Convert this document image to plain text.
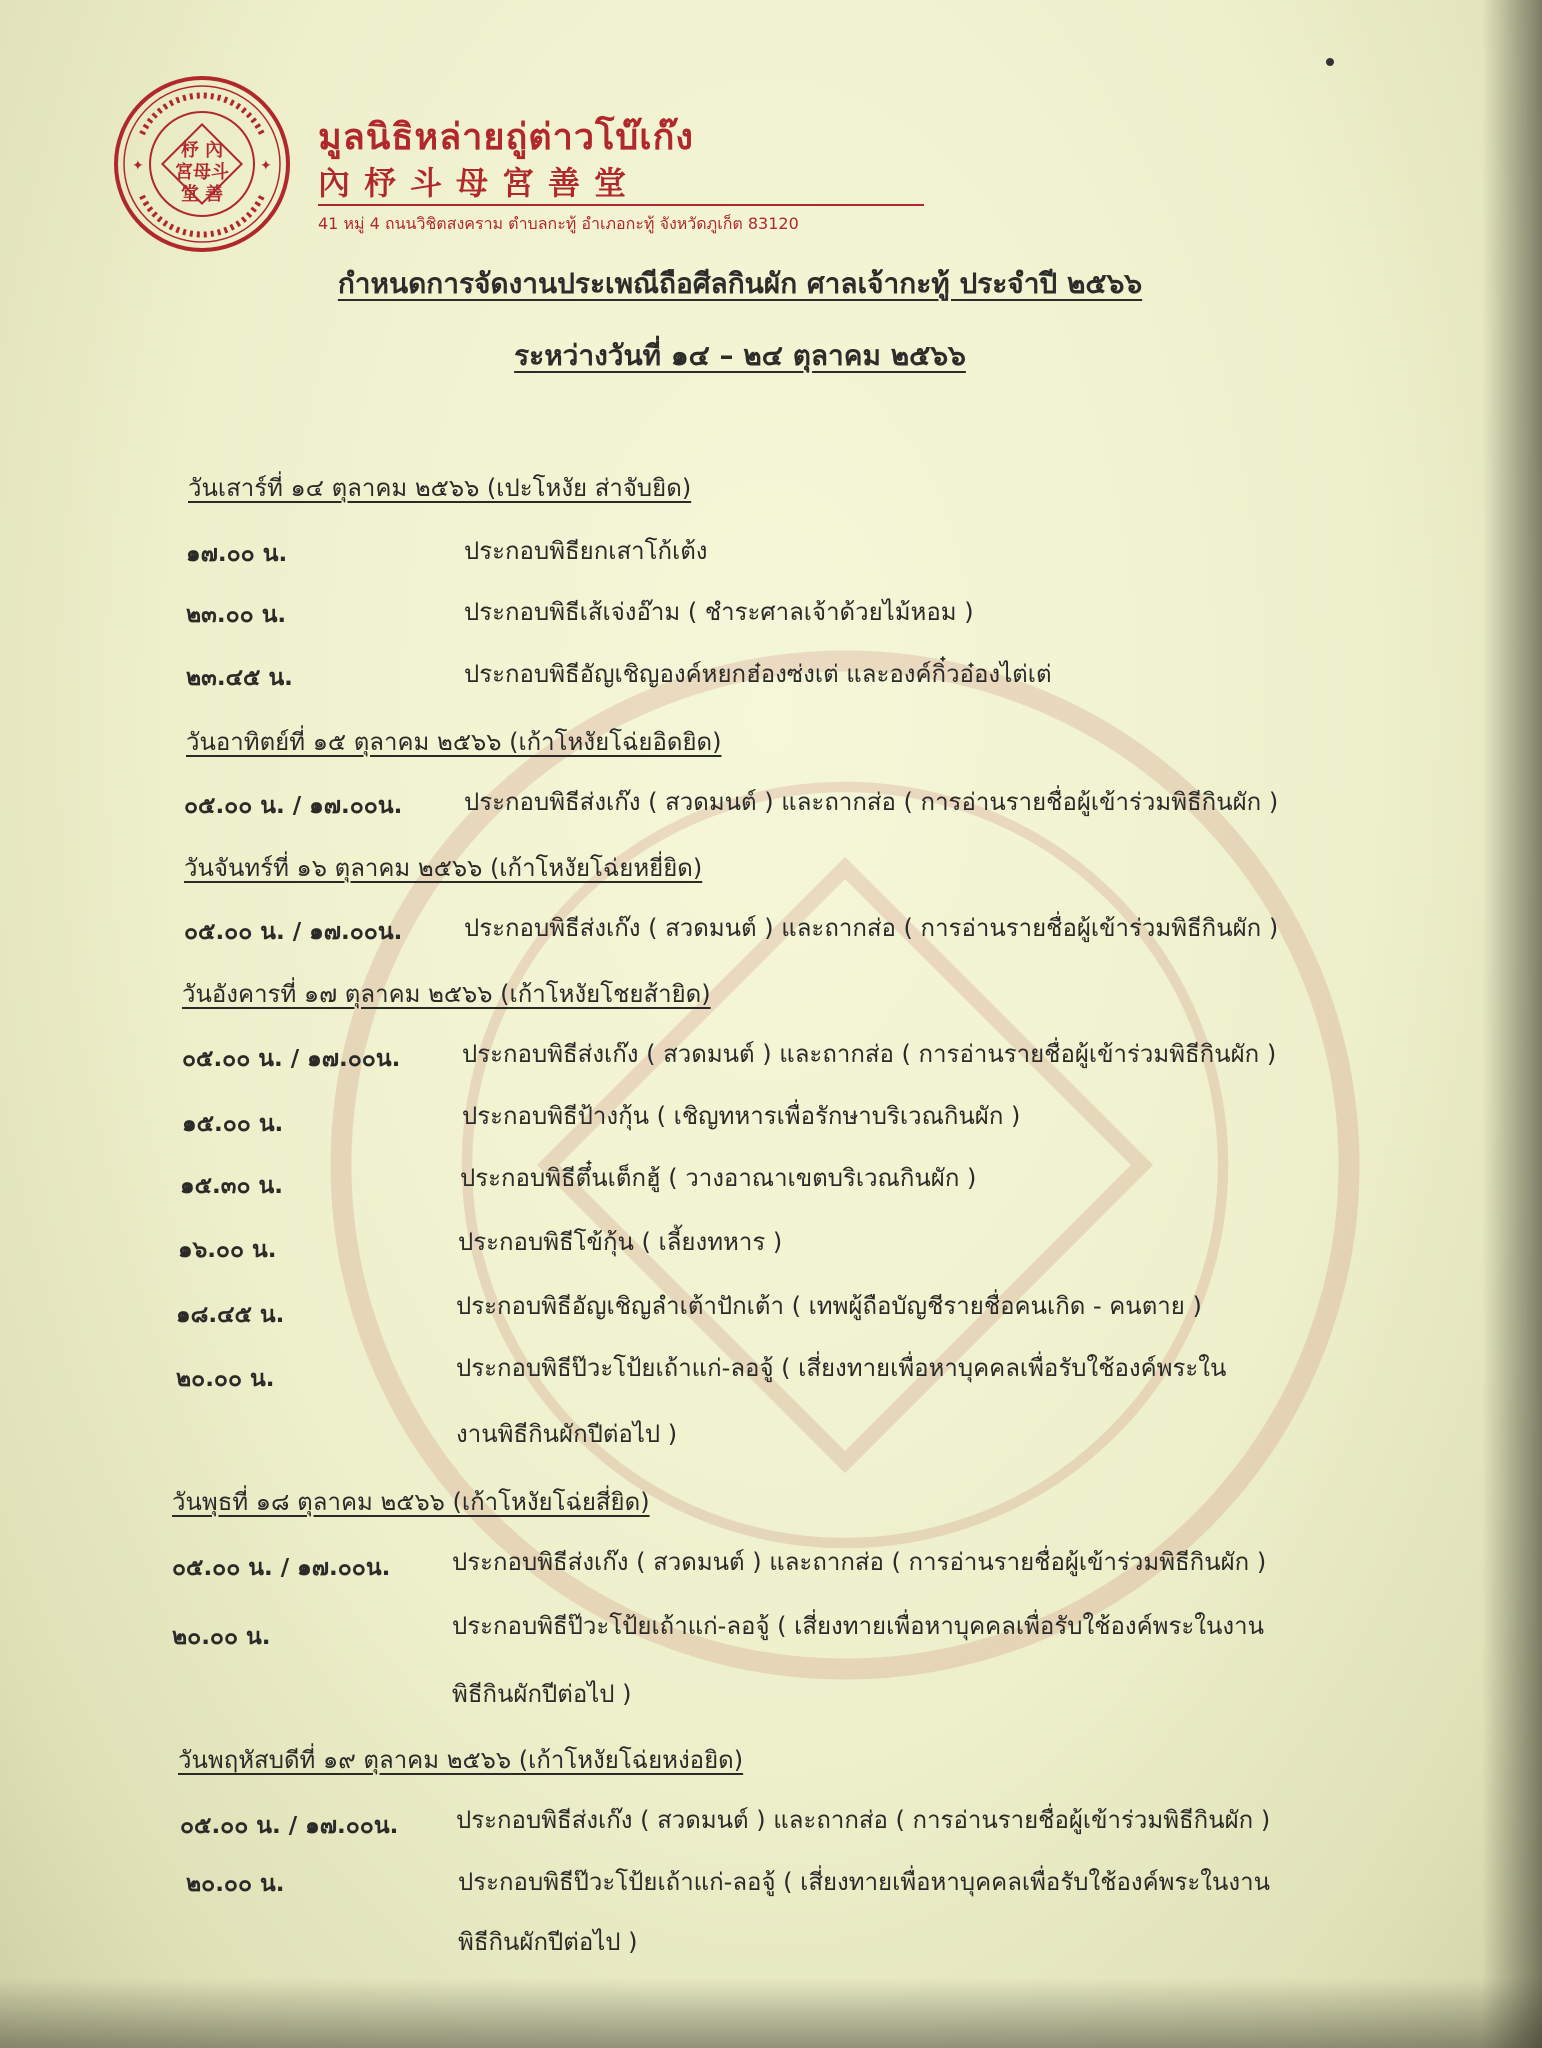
杼 內
宮母斗
堂 善
✦	✦
มูลนิธิหล่ายถู่ต่าวโบ๊เก๊ง
內杼斗母宮善堂
41 หมู่ 4 ถนนวิชิตสงคราม ตำบลกะทู้ อำเภอกะทู้ จังหวัดภูเก็ต 83120
กำหนดการจัดงานประเพณีถือศีลกินผัก ศาลเจ้ากะทู้ ประจำปี ๒๕๖๖
ระหว่างวันที่ ๑๔ – ๒๔ ตุลาคม ๒๕๖๖
วันเสาร์ที่ ๑๔ ตุลาคม ๒๕๖๖ (เปะโหงัย ส่าจับยิด)
๑๗.๐๐ น.	ประกอบพิธียกเสาโก้เต้ง
๒๓.๐๐ น.	ประกอบพิธีเส้เจ่งอ๊าม ( ชำระศาลเจ้าด้วยไม้หอม )
๒๓.๔๕ น.	ประกอบพิธีอัญเชิญองค์หยกฮ๋องซ่งเต่ และองค์กิ๋วอ๋องไต่เต่
วันอาทิตย์ที่ ๑๕ ตุลาคม ๒๕๖๖ (เก้าโหงัยโฉ่ยอิดยิด)
๐๕.๐๐ น. / ๑๗.๐๐น.	ประกอบพิธีส่งเก๊ง ( สวดมนต์ ) และถากส่อ ( การอ่านรายชื่อผู้เข้าร่วมพิธีกินผัก )
วันจันทร์ที่ ๑๖ ตุลาคม ๒๕๖๖ (เก้าโหงัยโฉ่ยหยี่ยิด)
๐๕.๐๐ น. / ๑๗.๐๐น.	ประกอบพิธีส่งเก๊ง ( สวดมนต์ ) และถากส่อ ( การอ่านรายชื่อผู้เข้าร่วมพิธีกินผัก )
วันอังคารที่ ๑๗ ตุลาคม ๒๕๖๖ (เก้าโหงัยโชยส้ายิด)
๐๕.๐๐ น. / ๑๗.๐๐น.	ประกอบพิธีส่งเก๊ง ( สวดมนต์ ) และถากส่อ ( การอ่านรายชื่อผู้เข้าร่วมพิธีกินผัก )
๑๕.๐๐ น.	ประกอบพิธีป้างกุ้น ( เชิญทหารเพื่อรักษาบริเวณกินผัก )
๑๕.๓๐ น.	ประกอบพิธีตึ๋นเต็กฮู้ ( วางอาณาเขตบริเวณกินผัก )
๑๖.๐๐ น.	ประกอบพิธีโข้กุ้น ( เลี้ยงทหาร )
๑๘.๔๕ น.	ประกอบพิธีอัญเชิญลำเต้าปักเต้า ( เทพผู้ถือบัญชีรายชื่อคนเกิด - คนตาย )
๒๐.๐๐ น.	ประกอบพิธีป๊วะโป้ยเถ้าแก่-ลอจู้ ( เสี่ยงทายเพื่อหาบุคคลเพื่อรับใช้องค์พระใน
งานพิธีกินผักปีต่อไป )
วันพุธที่ ๑๘ ตุลาคม ๒๕๖๖ (เก้าโหงัยโฉ่ยสี่ยิด)
๐๕.๐๐ น. / ๑๗.๐๐น.	ประกอบพิธีส่งเก๊ง ( สวดมนต์ ) และถากส่อ ( การอ่านรายชื่อผู้เข้าร่วมพิธีกินผัก )
๒๐.๐๐ น.	ประกอบพิธีป๊วะโป้ยเถ้าแก่-ลอจู้ ( เสี่ยงทายเพื่อหาบุคคลเพื่อรับใช้องค์พระในงาน
พิธีกินผักปีต่อไป )
วันพฤหัสบดีที่ ๑๙ ตุลาคม ๒๕๖๖ (เก้าโหงัยโฉ่ยหง่อยิด)
๐๕.๐๐ น. / ๑๗.๐๐น. ประกอบพิธีส่งเก๊ง ( สวดมนต์ ) และถากส่อ ( การอ่านรายชื่อผู้เข้าร่วมพิธีกินผัก )
๒๐.๐๐ น.	ประกอบพิธีป๊วะโป้ยเถ้าแก่-ลอจู้ ( เสี่ยงทายเพื่อหาบุคคลเพื่อรับใช้องค์พระในงาน
พิธีกินผักปีต่อไป )
